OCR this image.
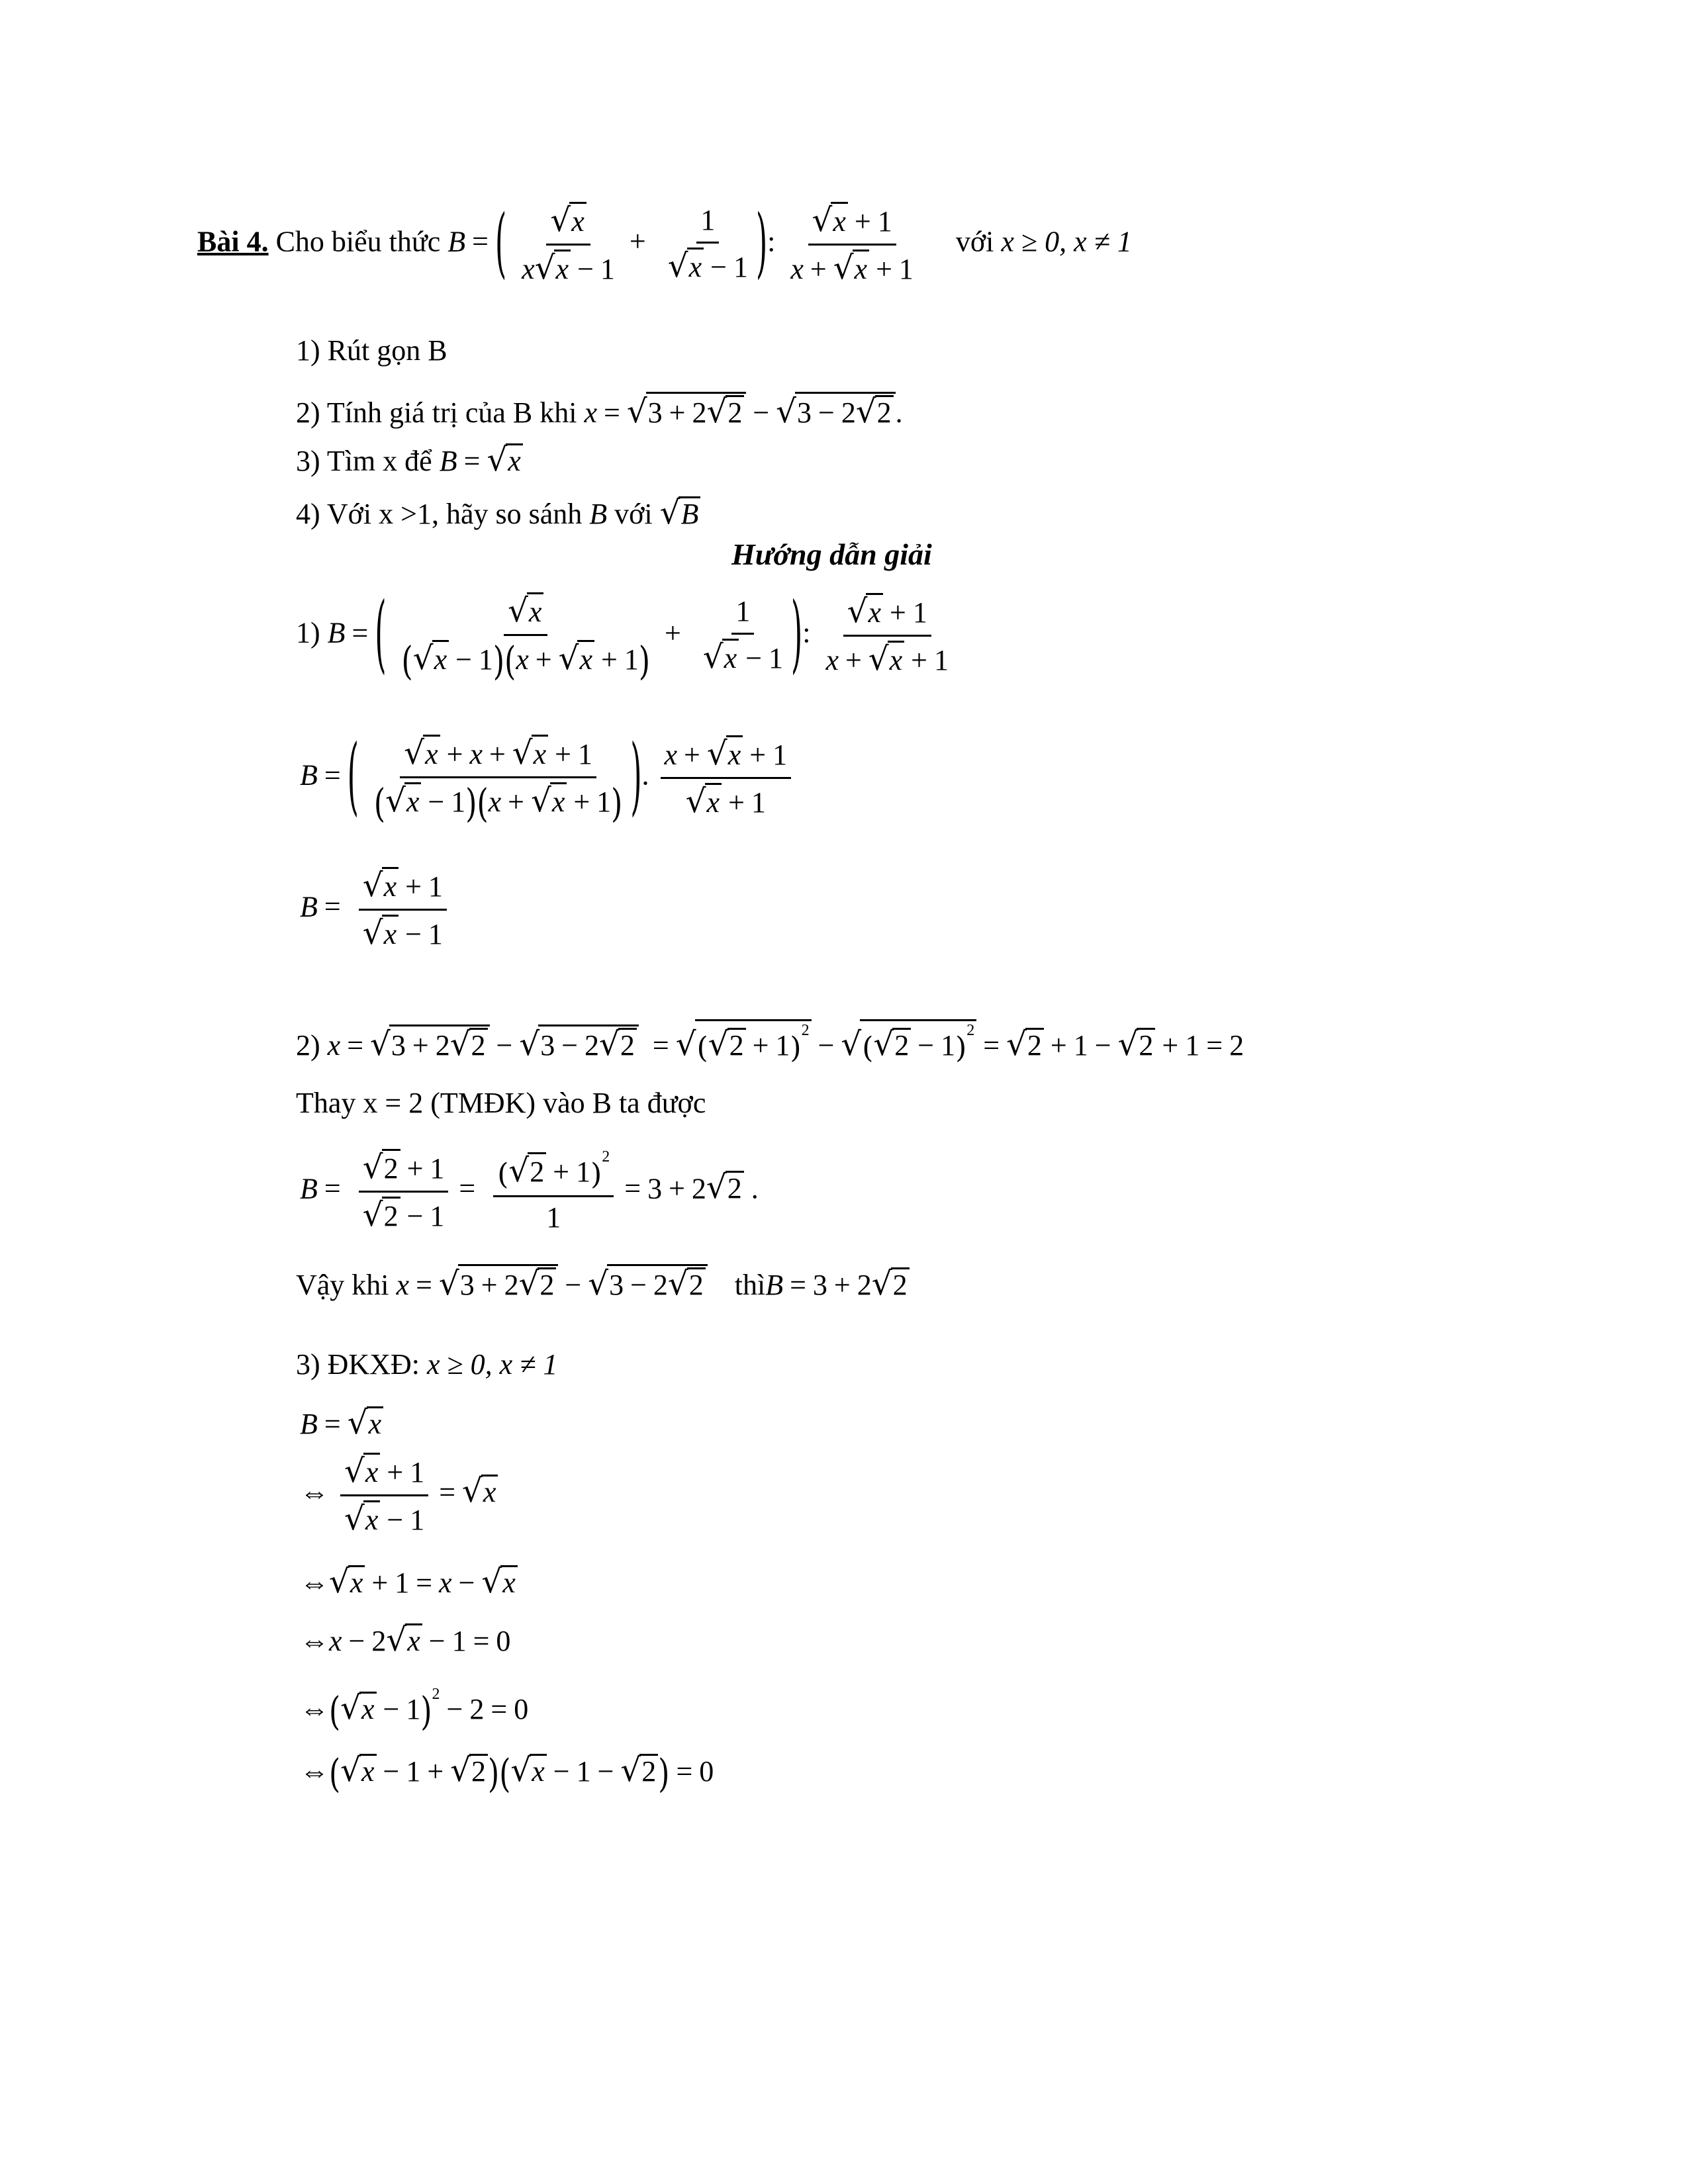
Bài 4. Cho biểu thức B = ( $\frac{√x}{x√x - 1} + \frac{1}{√x - 1}$ ): $\frac{√x + 1}{x + √x + 1}$ với x ≥ 0, x ≠ 1
1) Rút gọn B
2) Tính giá trị của B khi x = √3 + 2√2 − √3 − 2√2 .
3) Tìm x để B = √x
4) Với x >1, hãy so sánh B với √B
Hướng dẫn giải
1) B = ( $\frac{√x}{(√x - 1)(x + √x + 1)} + \frac{1}{√x - 1}$ ): $\frac{√x + 1}{x + √x + 1}$
B = ( $\frac{√x + x + √x + 1}{(√x - 1)(x + √x + 1)}$ ). $\frac{x + √x + 1}{√x + 1}$
$B = \frac{√x + 1}{√x - 1}$
2) $x = √3 + 2√2 - √3 - 2√2 = √(√2 + 1)^2 - √(√2 - 1)^2 = √2 + 1 - √2 + 1 = 2$
Thay x = 2 (TMĐK) vào B ta được
$B = \frac{√2 + 1}{√2 - 1} = \frac{(√2 + 1)^2}{1} = 3 + 2√2$ .
Vậy khi x = √3 + 2√2 − √3 − 2√2 thìB = 3 + 2√2
3) ĐKXĐ: x ≥ 0, x ≠ 1
B = √x
⇔ $\frac{√x + 1}{√x - 1} = √x$
⇔√x + 1 = x − √x
⇔x − 2√x − 1 = 0
⇔(√x − 1)$^2$ − 2 = 0
⇔(√x − 1 + √2)(√x − 1 − √2) = 0
